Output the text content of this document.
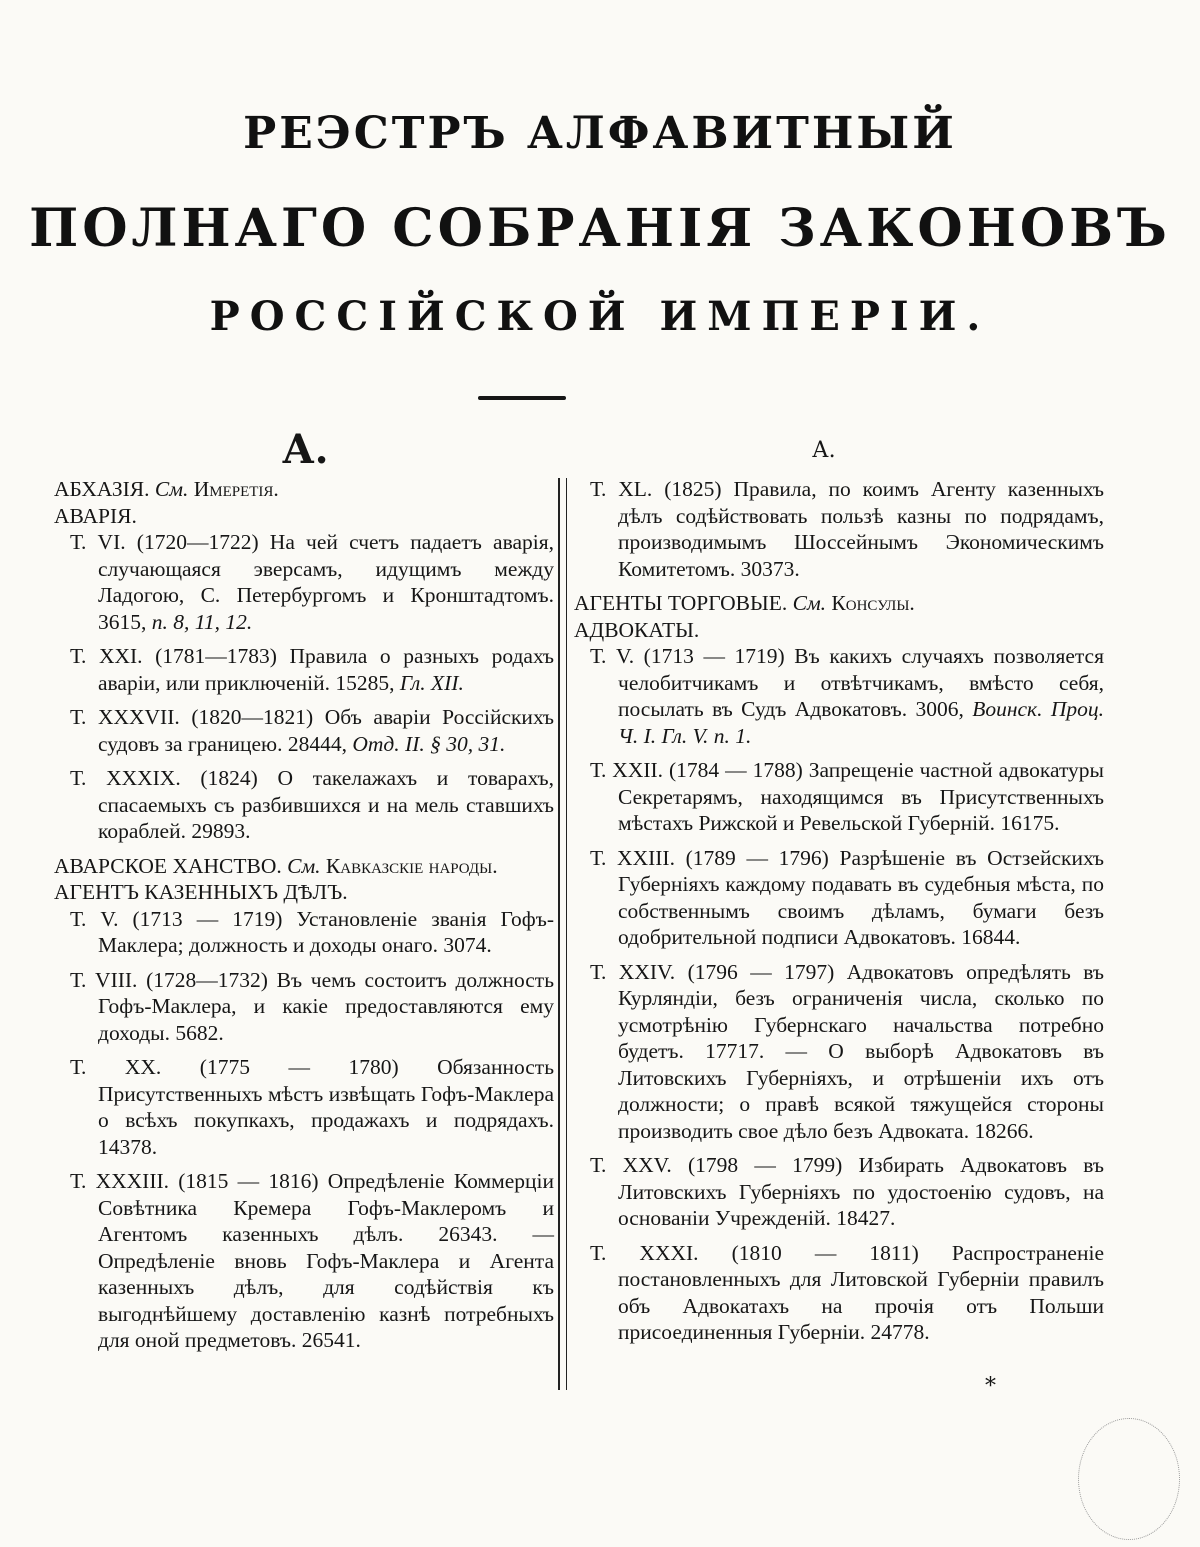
РЕЭСТРЪ АЛФАВИТНЫЙ
ПОЛНАГО СОБРАНІЯ ЗАКОНОВЪ
РОССІЙСКОЙ ИМПЕРІИ.
А.	А.

АБХАЗІЯ. См. Имеретія.

АВАРІЯ.

Т. VI. (1720—1722) На чей счетъ падаетъ аварія, случающаяся эверсамъ, идущимъ между Ладогою, С. Петербургомъ и Кронштадтомъ. 3615, п. 8, 11, 12.

Т. XXI. (1781—1783) Правила о разныхъ родахъ аваріи, или приключеній. 15285, Гл. XII.

Т. XXXVII. (1820—1821) Объ аваріи Россійскихъ судовъ за границею. 28444, Отд. II. § 30, 31.

Т. XXXIX. (1824) О такелажахъ и товарахъ, спасаемыхъ съ разбившихся и на мель ставшихъ кораблей. 29893.

АВАРСКОЕ ХАНСТВО. См. Кавказскіе народы.

АГЕНТЪ КАЗЕННЫХЪ ДѢЛЪ.

Т. V. (1713 — 1719) Установленіе званія Гофъ-Маклера; должность и доходы онаго. 3074.

Т. VIII. (1728—1732) Въ чемъ состоитъ должность Гофъ-Маклера, и какіе предоставляются ему доходы. 5682.

Т. XX. (1775 — 1780) Обязанность Присутственныхъ мѣстъ извѣщать Гофъ-Маклера о всѣхъ покупкахъ, продажахъ и подрядахъ. 14378.

Т. XXXIII. (1815 — 1816) Опредѣленіе Коммерціи Совѣтника Кремера Гофъ-Маклеромъ и Агентомъ казенныхъ дѣлъ. 26343. — Опредѣленіе вновь Гофъ-Маклера и Агента казенныхъ дѣлъ, для содѣйствія къ выгоднѣйшему доставленію казнѣ потребныхъ для оной предметовъ. 26541.

Т. XL. (1825) Правила, по коимъ Агенту казенныхъ дѣлъ содѣйствовать пользѣ казны по подрядамъ, производимымъ Шоссейнымъ Экономическимъ Комитетомъ. 30373.

АГЕНТЫ ТОРГОВЫЕ. См. Консулы.

АДВОКАТЫ.

Т. V. (1713 — 1719) Въ какихъ случаяхъ позволяется челобитчикамъ и отвѣтчикамъ, вмѣсто себя, посылать въ Судъ Адвокатовъ. 3006, Воинск. Проц. Ч. I. Гл. V. п. 1.

Т. XXII. (1784 — 1788) Запрещеніе частной адвокатуры Секретарямъ, находящимся въ Присутственныхъ мѣстахъ Рижской и Ревельской Губерній. 16175.

Т. XXIII. (1789 — 1796) Разрѣшеніе въ Остзейскихъ Губерніяхъ каждому подавать въ судебныя мѣста, по собственнымъ своимъ дѣламъ, бумаги безъ одобрительной подписи Адвокатовъ. 16844.

Т. XXIV. (1796 — 1797) Адвокатовъ опредѣлять въ Курляндіи, безъ ограниченія числа, сколько по усмотрѣнію Губернскаго начальства потребно будетъ. 17717. — О выборѣ Адвокатовъ въ Литовскихъ Губерніяхъ, и отрѣшеніи ихъ отъ должности; о правѣ всякой тяжущейся стороны производить свое дѣло безъ Адвоката. 18266.

Т. XXV. (1798 — 1799) Избирать Адвокатовъ въ Литовскихъ Губерніяхъ по удостоенію судовъ, на основаніи Учрежденій. 18427.

Т. XXXI. (1810 — 1811) Распространеніе постановленныхъ для Литовской Губерніи правилъ объ Адвокатахъ на прочія отъ Польши присоединенныя Губерніи. 24778.

*
